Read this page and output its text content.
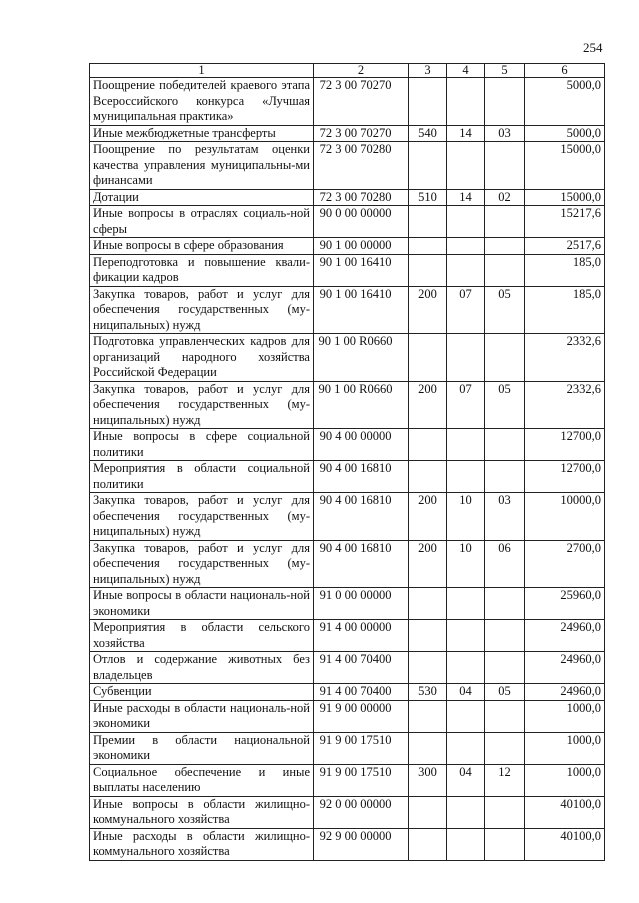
254
1	2	3	4	5	6
Поощрение победителей краевого этапа Всероссийского конкурса «Лучшая муниципальная практика»	72 3 00 70270				5000,0
Иные межбюджетные трансферты	72 3 00 70270	540	14	03	5000,0
Поощрение по результатам оценки качества управления муниципальны-ми финансами	72 3 00 70280				15000,0
Дотации	72 3 00 70280	510	14	02	15000,0
Иные вопросы в отраслях социаль-ной сферы	90 0 00 00000				15217,6
Иные вопросы в сфере образования	90 1 00 00000				2517,6
Переподготовка и повышение квали-фикации кадров	90 1 00 16410				185,0
Закупка товаров, работ и услуг для обеспечения государственных (му-ниципальных) нужд	90 1 00 16410	200	07	05	185,0
Подготовка управленческих кадров для организаций народного хозяйства Российской Федерации	90 1 00 R0660				2332,6
Закупка товаров, работ и услуг для обеспечения государственных (му-ниципальных) нужд	90 1 00 R0660	200	07	05	2332,6
Иные вопросы в сфере социальной политики	90 4 00 00000				12700,0
Мероприятия в области социальной политики	90 4 00 16810				12700,0
Закупка товаров, работ и услуг для обеспечения государственных (му-ниципальных) нужд	90 4 00 16810	200	10	03	10000,0
Закупка товаров, работ и услуг для обеспечения государственных (му-ниципальных) нужд	90 4 00 16810	200	10	06	2700,0
Иные вопросы в области националь-ной экономики	91 0 00 00000				25960,0
Мероприятия в области сельского хозяйства	91 4 00 00000				24960,0
Отлов и содержание животных без владельцев	91 4 00 70400				24960,0
Субвенции	91 4 00 70400	530	04	05	24960,0
Иные расходы в области националь-ной экономики	91 9 00 00000				1000,0
Премии в области национальной экономики	91 9 00 17510				1000,0
Социальное обеспечение и иные выплаты населению	91 9 00 17510	300	04	12	1000,0
Иные вопросы в области жилищно-коммунального хозяйства	92 0 00 00000				40100,0
Иные расходы в области жилищно-коммунального хозяйства	92 9 00 00000				40100,0
